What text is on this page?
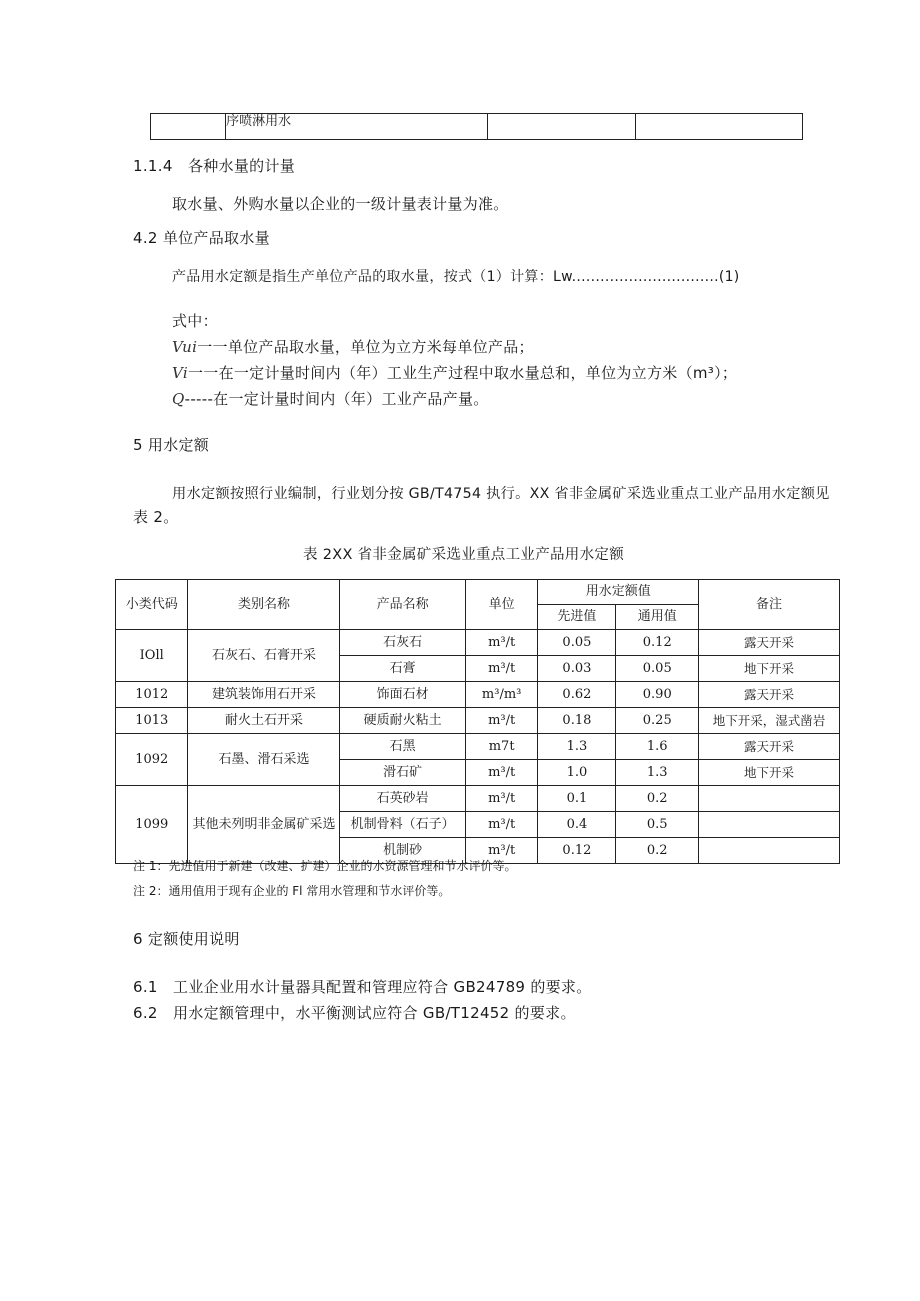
	序喷淋用水		
1.1.4　各种水量的计量
取水量、外购水量以企业的一级计量表计量为准。
4.2 单位产品取水量
产品用水定额是指生产单位产品的取水量，按式（1）计算：Lw...............................(1)
式中：
Vui一一单位产品取水量，单位为立方米每单位产品；
Vi一一在一定计量时间内（年）工业生产过程中取水量总和，单位为立方米（m³）；
Q-----在一定计量时间内（年）工业产品产量。
5 用水定额
用水定额按照行业编制，行业划分按 GB/T4754 执行。XX 省非金属矿采选业重点工业产品用水定额见
表 2。
表 2XX 省非金属矿采选业重点工业产品用水定额
小类代码	类别名称	产品名称	单位	用水定额值		备注
				先进值	通用值	
IOll	石灰石、石膏开采	石灰石	m³/t	0.05	0.12	露天开采
		石膏	m³/t	0.03	0.05	地下开采
1012	建筑装饰用石开采	饰面石材	m³/m³	0.62	0.90	露天开采
1013	耐火土石开采	硬质耐火粘土	m³/t	0.18	0.25	地下开采，湿式凿岩
1092	石墨、滑石采选	石黑	m7t	1.3	1.6	露天开采
		滑石矿	m³/t	1.0	1.3	地下开采
1099	其他未列明非金属矿采选	石英砂岩	m³/t	0.1	0.2	
		机制骨料（石子）	m³/t	0.4	0.5	
		机制砂	m³/t	0.12	0.2	
注 1：先进值用于新建（改建、扩建）企业的水资源管理和节水评价等。
注 2：通用值用于现有企业的 Fl 常用水管理和节水评价等。
6 定额使用说明
6.1　工业企业用水计量器具配置和管理应符合 GB24789 的要求。
6.2　用水定额管理中，水平衡测试应符合 GB/T12452 的要求。
